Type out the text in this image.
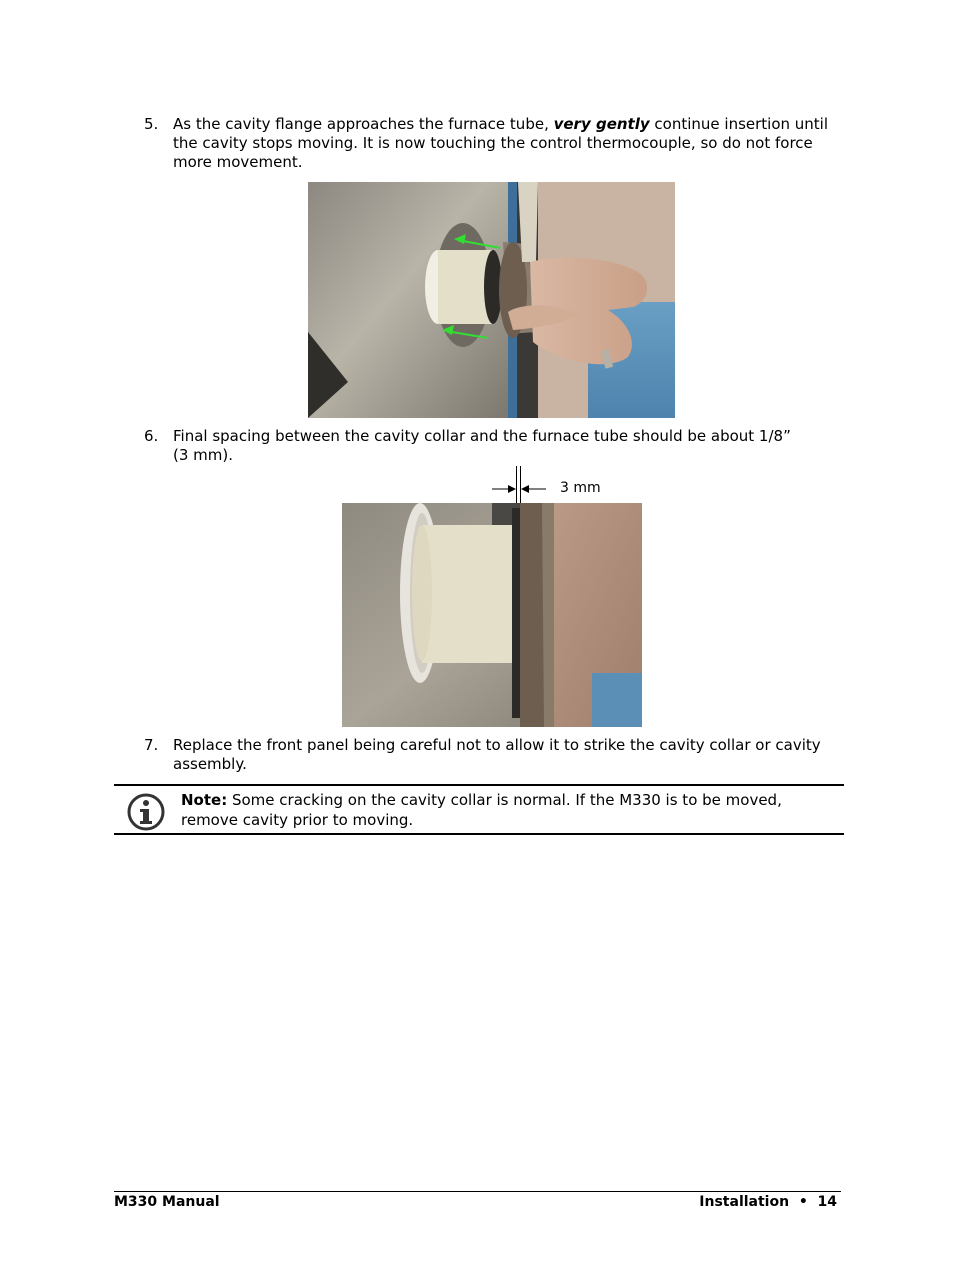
5. As the cavity flange approaches the furnace tube, very gently continue insertion until the cavity stops moving. It is now touching the control thermocouple, so do not force more movement.
6. Final spacing between the cavity collar and the furnace tube should be about 1/8”
(3 mm).
3 mm
7. Replace the front panel being careful not to allow it to strike the cavity collar or cavity assembly.
Note: Some cracking on the cavity collar is normal. If the M330 is to be moved, remove cavity prior to moving.
M330 Manual	Installation  •  14
